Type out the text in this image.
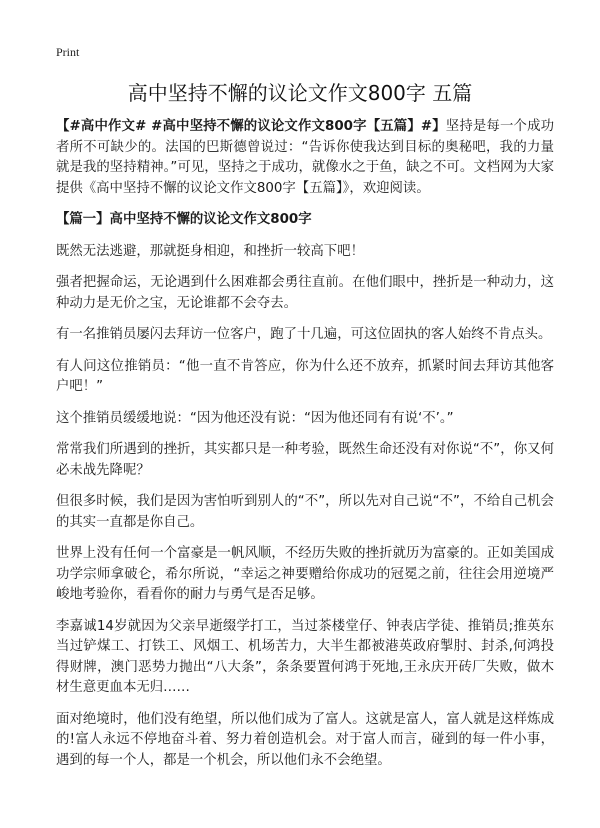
Print
高中坚持不懈的议论文作文800字 五篇

【#高中作文# #高中坚持不懈的议论文作文800字【五篇】#】坚持是每一个成功者所不可缺少的。法国的巴斯德曾说过：“告诉你使我达到目标的奥秘吧，我的力量就是我的坚持精神。”可见，坚持之于成功，就像水之于鱼，缺之不可。文档网为大家提供《高中坚持不懈的议论文作文800字【五篇】》，欢迎阅读。

【篇一】高中坚持不懈的议论文作文800字

既然无法逃避，那就挺身相迎，和挫折一较高下吧！

强者把握命运，无论遇到什么困难都会勇往直前。在他们眼中，挫折是一种动力，这种动力是无价之宝，无论谁都不会夺去。

有一名推销员屡闪去拜访一位客户，跑了十几遍，可这位固执的客人始终不肯点头。

有人问这位推销员：“他一直不肯答应，你为什么还不放弃，抓紧时间去拜访其他客户吧！”

这个推销员缓缓地说：“因为他还没有说：“因为他还同有有说‘不’。”

常常我们所遇到的挫折，其实都只是一种考验，既然生命还没有对你说“不”，你又何必未战先降呢？

但很多时候，我们是因为害怕听到别人的“不”，所以先对自己说“不”，不给自己机会的其实一直都是你自己。

世界上没有任何一个富豪是一帆风顺，不经历失败的挫折就历为富豪的。正如美国成功学宗师拿破仑，希尔所说，“幸运之神要赠给你成功的冠冕之前，往往会用逆境严峻地考验你，看看你的耐力与勇气是否足够。

李嘉诚14岁就因为父亲早逝缀学打工，当过茶楼堂仔、钟表店学徒、推销员;推英东当过铲煤工、打铁工、风烟工、机场苦力，大半生都被港英政府掣肘、封杀,何鸿投得财牌，澳门恶势力抛出“八大条”，条条要置何鸿于死地,王永庆开砖厂失败，做木材生意更血本无归……

面对绝境时，他们没有绝望，所以他们成为了富人。这就是富人，富人就是这样炼成的!富人永远不停地奋斗着、努力着创造机会。对于富人而言，碰到的每一件小事，遇到的每一个人，都是一个机会，所以他们永不会绝望。
